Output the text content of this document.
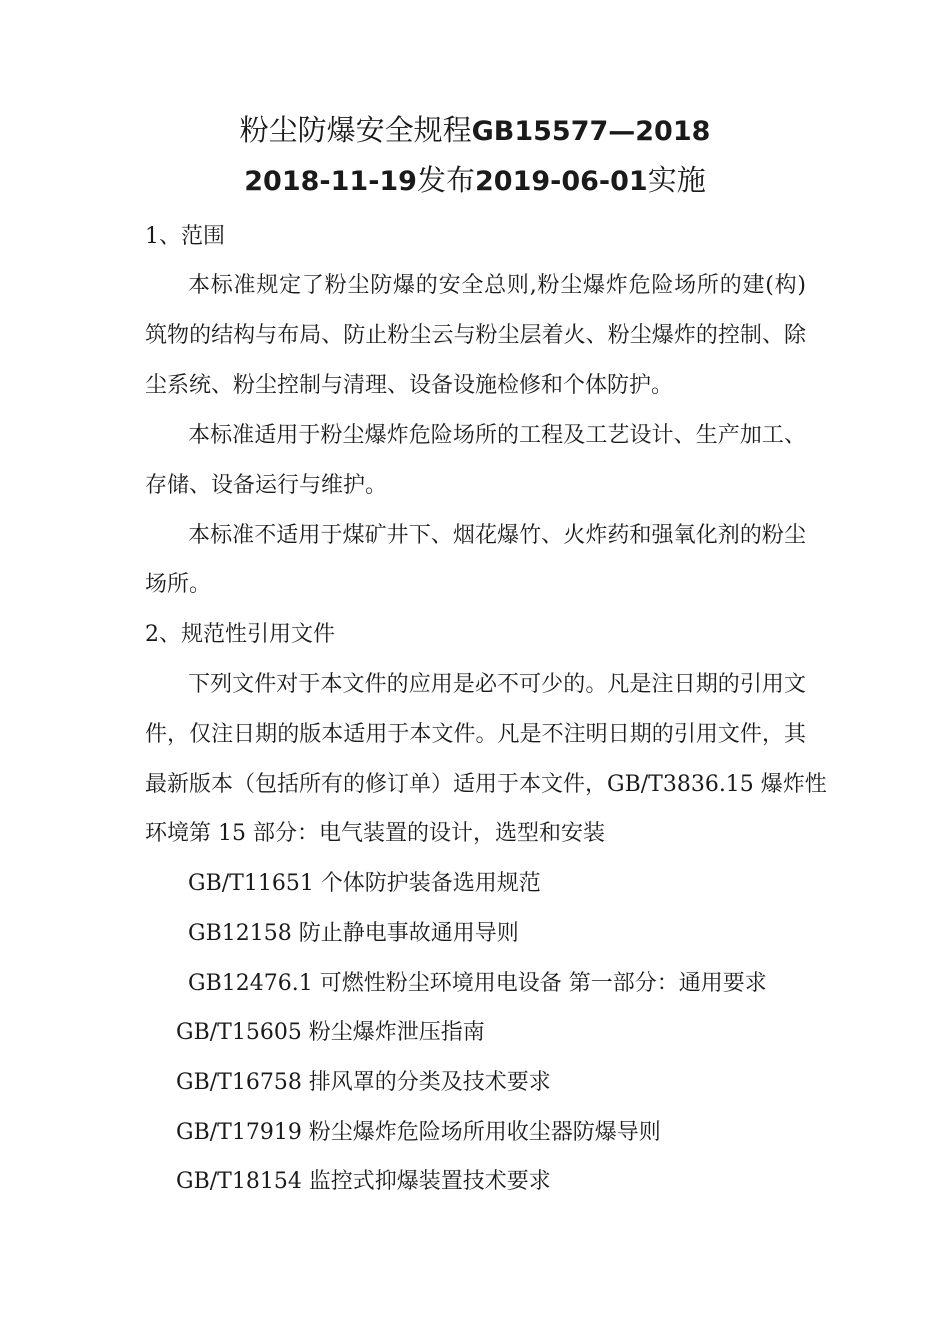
粉尘防爆安全规程GB15577—2018
2018-11-19发布2019-06-01实施
1、范围
本标准规定了粉尘防爆的安全总则,粉尘爆炸危险场所的建(构)
筑物的结构与布局、防止粉尘云与粉尘层着火、粉尘爆炸的控制、除
尘系统、粉尘控制与清理、设备设施检修和个体防护。
本标准适用于粉尘爆炸危险场所的工程及工艺设计、生产加工、
存储、设备运行与维护。
本标准不适用于煤矿井下、烟花爆竹、火炸药和强氧化剂的粉尘
场所。
2、规范性引用文件
下列文件对于本文件的应用是必不可少的。凡是注日期的引用文
件，仅注日期的版本适用于本文件。凡是不注明日期的引用文件，其
最新版本（包括所有的修订单）适用于本文件，GB/T3836.15 爆炸性
环境第 15 部分：电气装置的设计，选型和安装
GB/T11651 个体防护装备选用规范
GB12158 防止静电事故通用导则
GB12476.1 可燃性粉尘环境用电设备 第一部分：通用要求
GB/T15605 粉尘爆炸泄压指南
GB/T16758 排风罩的分类及技术要求
GB/T17919 粉尘爆炸危险场所用收尘器防爆导则
GB/T18154 监控式抑爆装置技术要求
